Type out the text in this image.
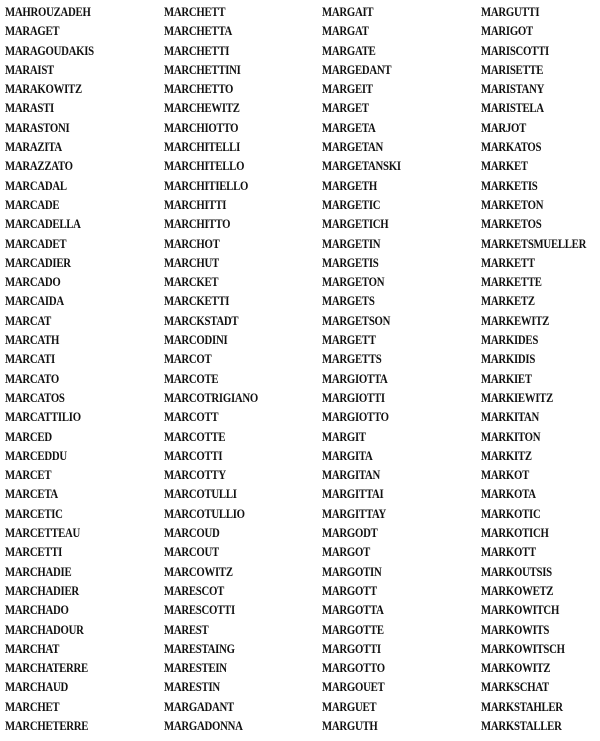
MAHROUZADEH
MARAGET
MARAGOUDAKIS
MARAIST
MARAKOWITZ
MARASTI
MARASTONI
MARAZITA
MARAZZATO
MARCADAL
MARCADE
MARCADELLA
MARCADET
MARCADIER
MARCADO
MARCAIDA
MARCAT
MARCATH
MARCATI
MARCATO
MARCATOS
MARCATTILIO
MARCED
MARCEDDU
MARCET
MARCETA
MARCETIC
MARCETTEAU
MARCETTI
MARCHADIE
MARCHADIER
MARCHADO
MARCHADOUR
MARCHAT
MARCHATERRE
MARCHAUD
MARCHET
MARCHETERRE
MARCHETT
MARCHETTA
MARCHETTI
MARCHETTINI
MARCHETTO
MARCHEWITZ
MARCHIOTTO
MARCHITELLI
MARCHITELLO
MARCHITIELLO
MARCHITTI
MARCHITTO
MARCHOT
MARCHUT
MARCKET
MARCKETTI
MARCKSTADT
MARCODINI
MARCOT
MARCOTE
MARCOTRIGIANO
MARCOTT
MARCOTTE
MARCOTTI
MARCOTTY
MARCOTULLI
MARCOTULLIO
MARCOUD
MARCOUT
MARCOWITZ
MARESCOT
MARESCOTTI
MAREST
MARESTAING
MARESTEIN
MARESTIN
MARGADANT
MARGADONNA
MARGAIT
MARGAT
MARGATE
MARGEDANT
MARGEIT
MARGET
MARGETA
MARGETAN
MARGETANSKI
MARGETH
MARGETIC
MARGETICH
MARGETIN
MARGETIS
MARGETON
MARGETS
MARGETSON
MARGETT
MARGETTS
MARGIOTTA
MARGIOTTI
MARGIOTTO
MARGIT
MARGITA
MARGITAN
MARGITTAI
MARGITTAY
MARGODT
MARGOT
MARGOTIN
MARGOTT
MARGOTTA
MARGOTTE
MARGOTTI
MARGOTTO
MARGOUET
MARGUET
MARGUTH
MARGUTTI
MARIGOT
MARISCOTTI
MARISETTE
MARISTANY
MARISTELA
MARJOT
MARKATOS
MARKET
MARKETIS
MARKETON
MARKETOS
MARKETSMUELLER
MARKETT
MARKETTE
MARKETZ
MARKEWITZ
MARKIDES
MARKIDIS
MARKIET
MARKIEWITZ
MARKITAN
MARKITON
MARKITZ
MARKOT
MARKOTA
MARKOTIC
MARKOTICH
MARKOTT
MARKOUTSIS
MARKOWETZ
MARKOWITCH
MARKOWITS
MARKOWITSCH
MARKOWITZ
MARKSCHAT
MARKSTAHLER
MARKSTALLER
